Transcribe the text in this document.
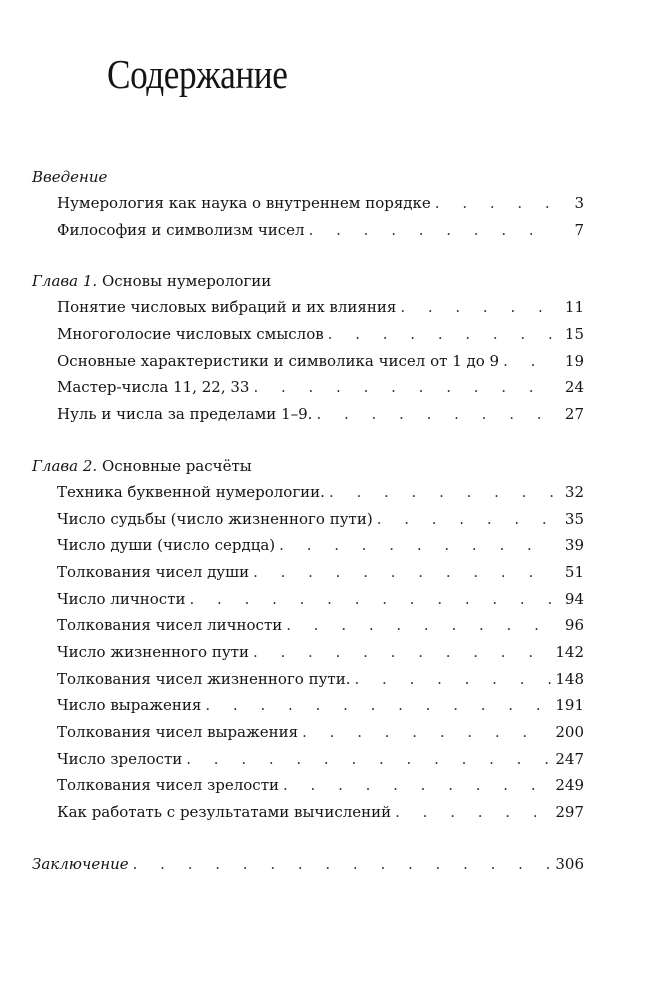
Содержание
Введение
Нумерология как наука о внутреннем порядке . . .	3
Философия и символизм чисел . . .	7
Глава 1. Основы нумерологии
Понятие числовых вибраций и их влияния . . .	11
Многоголосие числовых смыслов . . .	15
Основные характеристики и символика чисел от 1 до 9 . . .	19
Мастер-числа 11, 22, 33 . . .	24
Нуль и числа за пределами 1–9. . . .	27
Глава 2. Основные расчёты
Техника буквенной нумерологии. . . .	32
Число судьбы (число жизненного пути) . . .	35
Число души (число сердца) . . .	39
Толкования чисел души . . .	51
Число личности . . .	94
Толкования чисел личности . . .	96
Число жизненного пути . . .	142
Толкования чисел жизненного пути. . . .	148
Число выражения . . .	191
Толкования чисел выражения . . .	200
Число зрелости . . .	247
Толкования чисел зрелости . . .	249
Как работать с результатами вычислений . . .	297
Заключение . . .	306
